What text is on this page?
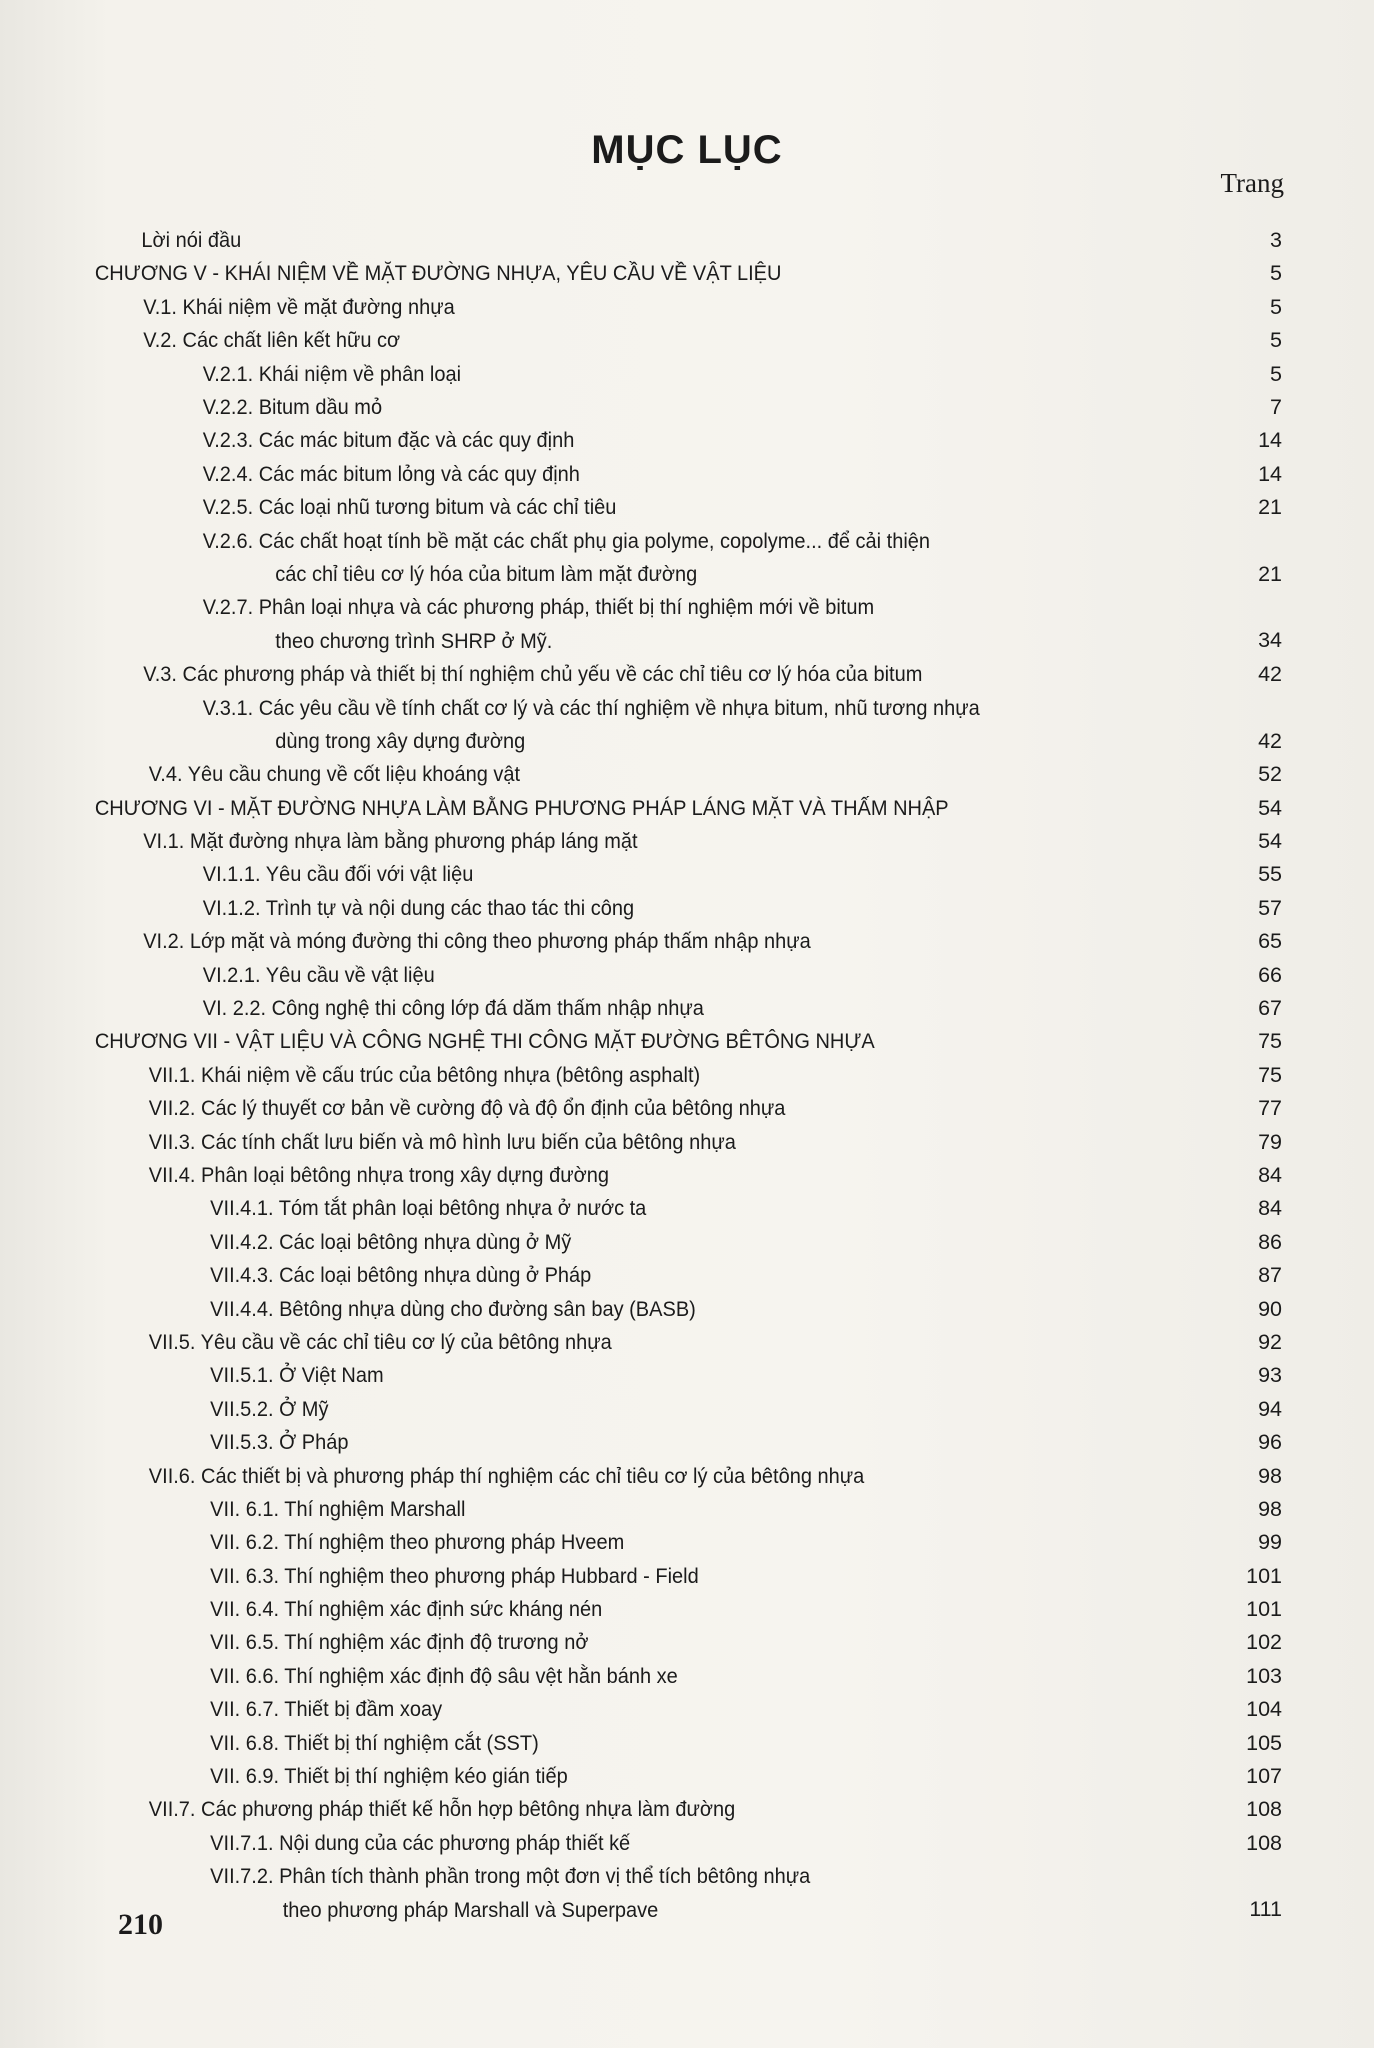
MỤC LỤC
Trang
Lời nói đầu
CHƯƠNG V - KHÁI NIỆM VỀ MẶT ĐƯỜNG NHỰA, YÊU CẦU VỀ VẬT LIỆU
V.1. Khái niệm về mặt đường nhựa
V.2. Các chất liên kết hữu cơ
V.2.1. Khái niệm về phân loại
V.2.2. Bitum dầu mỏ
V.2.3. Các mác bitum đặc và các quy định
V.2.4. Các mác bitum lỏng và các quy định
V.2.5. Các loại nhũ tương bitum và các chỉ tiêu
V.2.6. Các chất hoạt tính bề mặt các chất phụ gia polyme, copolyme... để cải thiện
các chỉ tiêu cơ lý hóa của bitum làm mặt đường
V.2.7. Phân loại nhựa và các phương pháp, thiết bị thí nghiệm mới về bitum
theo chương trình SHRP ở Mỹ.
V.3. Các phương pháp và thiết bị thí nghiệm chủ yếu về các chỉ tiêu cơ lý hóa của bitum
V.3.1. Các yêu cầu về tính chất cơ lý và các thí nghiệm về nhựa bitum, nhũ tương nhựa
dùng trong xây dựng đường
V.4. Yêu cầu chung về cốt liệu khoáng vật
CHƯƠNG VI - MẶT ĐƯỜNG NHỰA LÀM BẰNG PHƯƠNG PHÁP LÁNG MẶT VÀ THẤM NHẬP
VI.1. Mặt đường nhựa làm bằng phương pháp láng mặt
VI.1.1. Yêu cầu đối với vật liệu
VI.1.2. Trình tự và nội dung các thao tác thi công
VI.2. Lớp mặt và móng đường thi công theo phương pháp thấm nhập nhựa
VI.2.1. Yêu cầu về vật liệu
VI. 2.2. Công nghệ thi công lớp đá dăm thấm nhập nhựa
CHƯƠNG VII - VẬT LIỆU VÀ CÔNG NGHỆ THI CÔNG MẶT ĐƯỜNG BÊTÔNG NHỰA
VII.1. Khái niệm về cấu trúc của bêtông nhựa (bêtông asphalt)
VII.2. Các lý thuyết cơ bản về cường độ và độ ổn định của bêtông nhựa
VII.3. Các tính chất lưu biến và mô hình lưu biến của bêtông nhựa
VII.4. Phân loại bêtông nhựa trong xây dựng đường
VII.4.1. Tóm tắt phân loại bêtông nhựa ở nước ta
VII.4.2. Các loại bêtông nhựa dùng ở Mỹ
VII.4.3. Các loại bêtông nhựa dùng ở Pháp
VII.4.4. Bêtông nhựa dùng cho đường sân bay (BASB)
VII.5. Yêu cầu về các chỉ tiêu cơ lý của bêtông nhựa
VII.5.1. Ở Việt Nam
VII.5.2. Ở Mỹ
VII.5.3. Ở Pháp
VII.6. Các thiết bị và phương pháp thí nghiệm các chỉ tiêu cơ lý của bêtông nhựa
VII. 6.1. Thí nghiệm Marshall
VII. 6.2. Thí nghiệm theo phương pháp Hveem
VII. 6.3. Thí nghiệm theo phương pháp Hubbard - Field
VII. 6.4. Thí nghiệm xác định sức kháng nén
VII. 6.5. Thí nghiệm xác định độ trương nở
VII. 6.6. Thí nghiệm xác định độ sâu vệt hằn bánh xe
VII. 6.7. Thiết bị đầm xoay
VII. 6.8. Thiết bị thí nghiệm cắt (SST)
VII. 6.9. Thiết bị thí nghiệm kéo gián tiếp
VII.7. Các phương pháp thiết kế hỗn hợp bêtông nhựa làm đường
VII.7.1. Nội dung của các phương pháp thiết kế
VII.7.2. Phân tích thành phần trong một đơn vị thể tích bêtông nhựa
theo phương pháp Marshall và Superpave
210
3
5
5
5
5
7
14
14
21
21
34
42
42
52
54
54
55
57
65
66
67
75
75
77
79
84
84
86
87
90
92
93
94
96
98
98
99
101
101
102
103
104
105
107
108
108
111
